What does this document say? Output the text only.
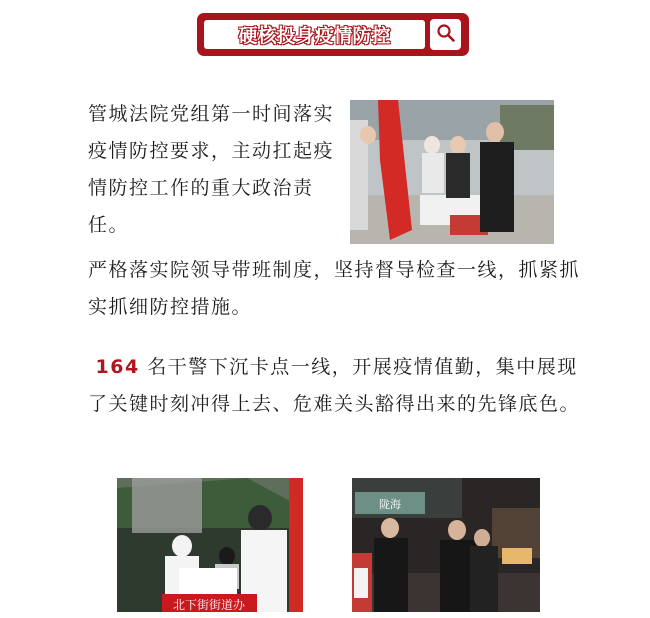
硬核投身疫情防控
管城法院党组第一时间落实疫情防控要求，主动扛起疫情防控工作的重大政治责任。
严格落实院领导带班制度，坚持督导检查一线，抓紧抓实抓细防控措施。
164 名干警下沉卡点一线，开展疫情值勤，集中展现了关键时刻冲得上去、危难关头豁得出来的先锋底色。
北下街街道办
陇海
